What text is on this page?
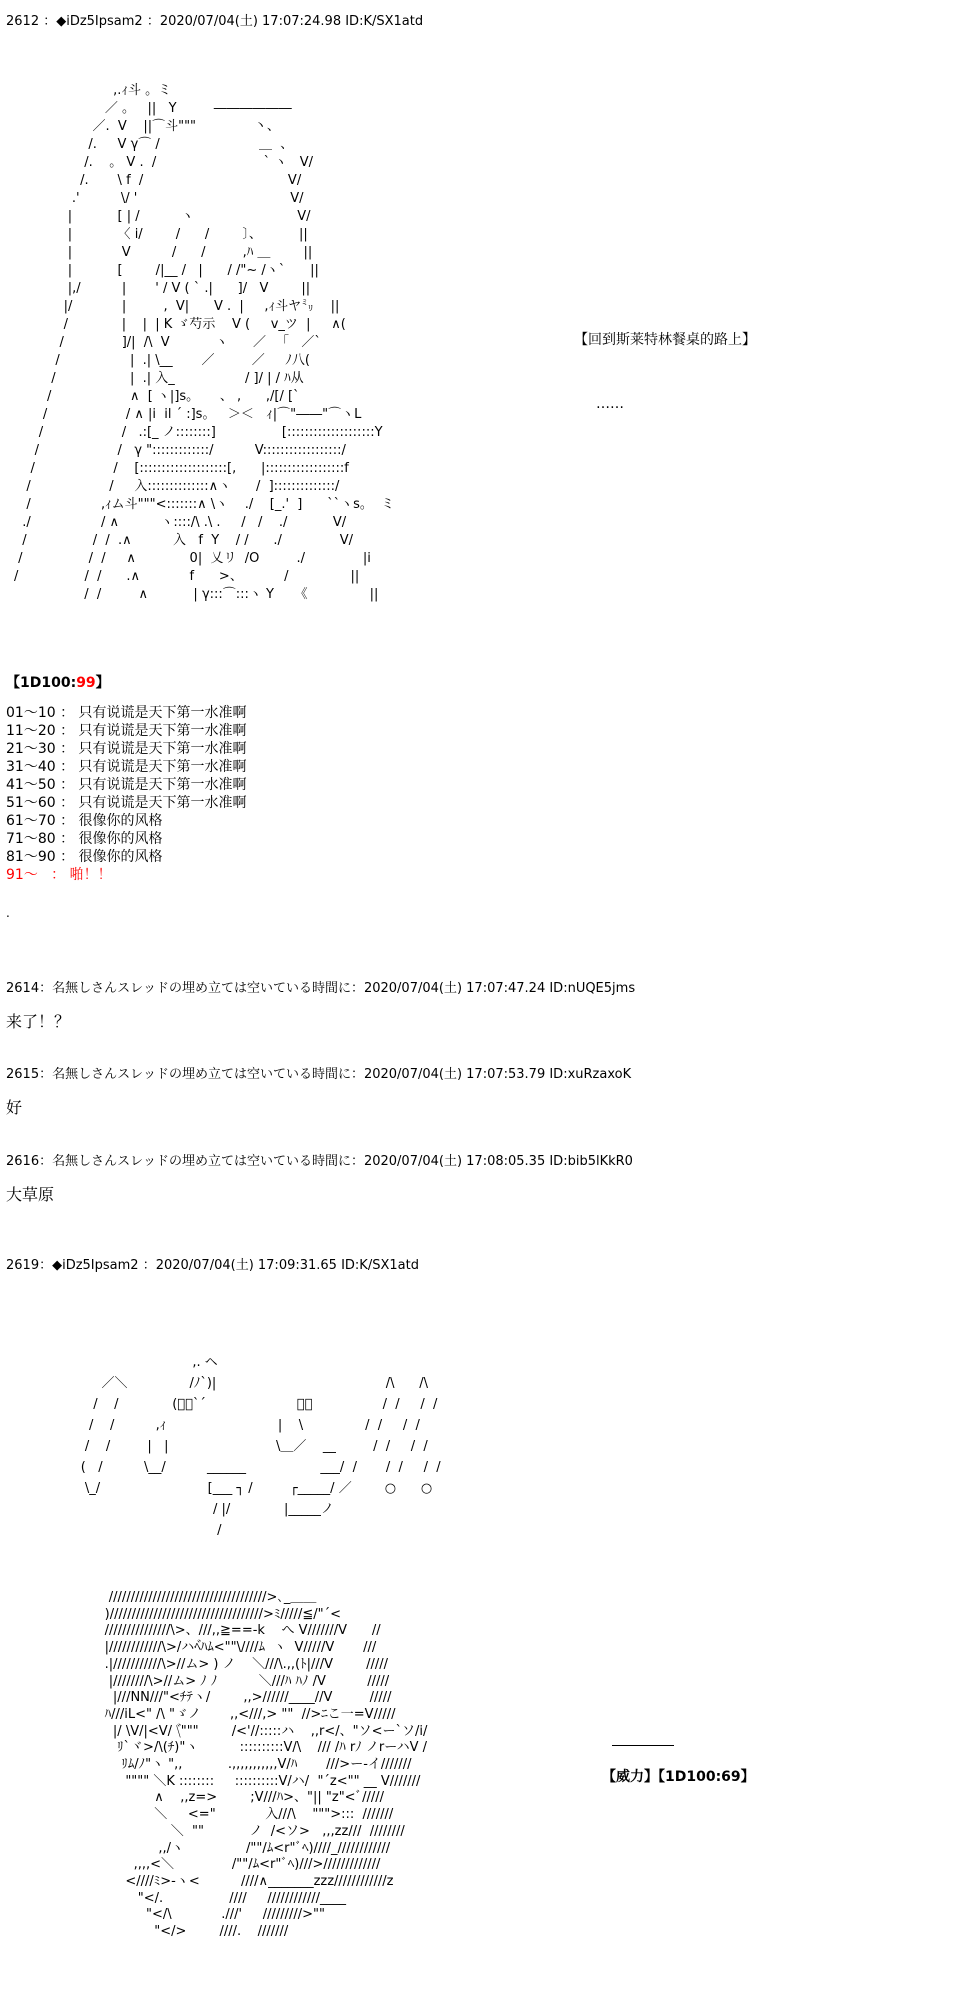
2612 ：◆iDz5Ipsam2 ：2020/07/04(土) 17:07:24.98 ID:K/SX1atd
,.ｨ斗 。ミ
／ 。   ||   Y         ――――――
／.  V    ||⌒斗"""              丶、
/.     V γ⌒ /                        ＿  、
/.    。 V .  /                          ` ヽ   V/
/.       \ f  /                                   V/
.'          \/ '                                     V/
|           [ | /          ヽ                         V/
|           〈 i/        /      /        〕、         ||
|            V          /      /         ,ﾊ ＿        ||
|           [        /|__ /   |      / /"~ /ヽ`      ||
|,/          |       ' / V ( ` .|      ]/   V        ||
|/            |         ,  V|      V .  |     ,ｨ斗ヤ㍉    ||
/             |    |  | K ゞ芍示    V (     v_ツ  |     ∧(
/              ]/|  /\  V           ヽ      ／    ｢   ／`
/                 |  .| \__       ／         ／     ﾉ八(
/                  |  .| 入_                 / ]/ | / ﾊ从
/                   ∧  [ ヽ|]s。     、 ,      ,/[/ [`
/                   / ∧ |i  il ˊ :]s。   ＞＜   ｨ|⌒"――"⌒ヽL
/                   /   .:[_ ノ::::::::]                [::::::::::::::::::::Y
/                   /   γ ":::::::::::::/          V::::::::::::::::::/
/                   /    [::::::::::::::::::::[,      |::::::::::::::::::f
/                   /     入::::::::::::::∧ヽ      /  ]::::::::::::::/
/                 ,ｨム斗"""<:::::::∧ \ヽ    ./    [_.'  ]      ``ヽs。  ミ
./                 / ∧          ヽ::::/\ .\ .     /   /    ./           V/
/                /  /  .∧          入   f  Y    / /      ./              V/
/                /  /     ∧             0|  乂リ  /O         ./              |i
/                /  /      .∧            f      >、          /               ||
/  /         ∧           | γ:::⌒:::ヽ Y     《               ||
【回到斯莱特林餐桌的路上】
……
【1D100:99】
01～10 ： 只有说谎是天下第一水准啊
11～20 ： 只有说谎是天下第一水准啊
21～30 ： 只有说谎是天下第一水准啊
31～40 ： 只有说谎是天下第一水准啊
41～50 ： 只有说谎是天下第一水准啊
51～60 ： 只有说谎是天下第一水准啊
61～70 ： 很像你的风格
71～80 ： 很像你的风格
81～90 ： 很像你的风格
91～   ： 啪！！
.
2614：名無しさんスレッドの埋め立ては空いている時間に：2020/07/04(土) 17:07:47.24 ID:nUQE5jms
来了！？
2615：名無しさんスレッドの埋め立ては空いている時間に：2020/07/04(土) 17:07:53.79 ID:xuRzaxoK
好
2616：名無しさんスレッドの埋め立ては空いている時間に：2020/07/04(土) 17:08:05.35 ID:bib5lKkR0
大草原
2619：◆iDz5Ipsam2 ：2020/07/04(土) 17:09:31.65 ID:K/SX1atd
,. ヘ
／＼               /ﾉ`)|                                         /\      /\
/    /             (ﾟﾟ`´                      ／＼                 /  /     /  /
/    /          ,ｨ                           |    \               /  /     /  /
/    /         |   |                          \＿／    __         /  /     /  /
(   /          \__/          ______                  ___/  /       /  /     /  /
\_/                          [___ ┐ /         ┌_____/ ／        ○      ○
/ |/             |_____ノ
/
////////////////////////////////////>､_＿＿
)///////////////////////////////////>ﾐ/////≦/"´<
///////////////\>、///,,≧==-k    へ V///////V      //
|////////////\>/ハﾍ゙ﾊﾑ<""\////ﾑ  ヽ  V/////V       ///
.|///////////\>//ム> ) ノ    ＼///\.,,(ﾄ|///V        /////
|////////\>//ム> ﾉ ﾉ          ＼///ﾊ ﾊﾉ /V          /////
|///NN///"<ﾁﾃヽ/        ,,>//////____//V         /////
ﾊ///iL<" /\ "ゞノ       ,,<///,> ""  //>ﾆこ一=V/////
|/ \V/|<V/ \゙"""        /<'//:::::ハ    ,,r</、"ソ<ー`ソ/i/
ﾘ`ヾ>/\(ﾁ)"ヽ          ::::::::::V/\    /// /ﾊ rﾉ ノrーハV /
ﾘﾑ/ﾉ"ヽ ",,           .,,,,,,,,,,,V/ﾊ       ///>ー-イ///////
"""" ＼K ::::::::     ::::::::::V/ハ/  "´z<"" __ V///////
∧    ,,z=>        ;V///ﾊ>、"|| "z"<ﾞ/////
＼     <="            入///\    """>:::  ///////
＼  ""           ノ  /<ソ>   ,,,zz///  ////////
,,/ヽ               /""/ﾑ<r"ﾞﾍ)////_////////////
,,,,<＼              /""/ﾑ<r"ﾞﾍ)///>/////////////
<////ﾐ>-ヽ<          ////∧_______zzz////////////z
"</.                ////     ////////////____
"</\            .///'     /////////>""
"</>        ////.    ///////
【威力】【1D100:69】
